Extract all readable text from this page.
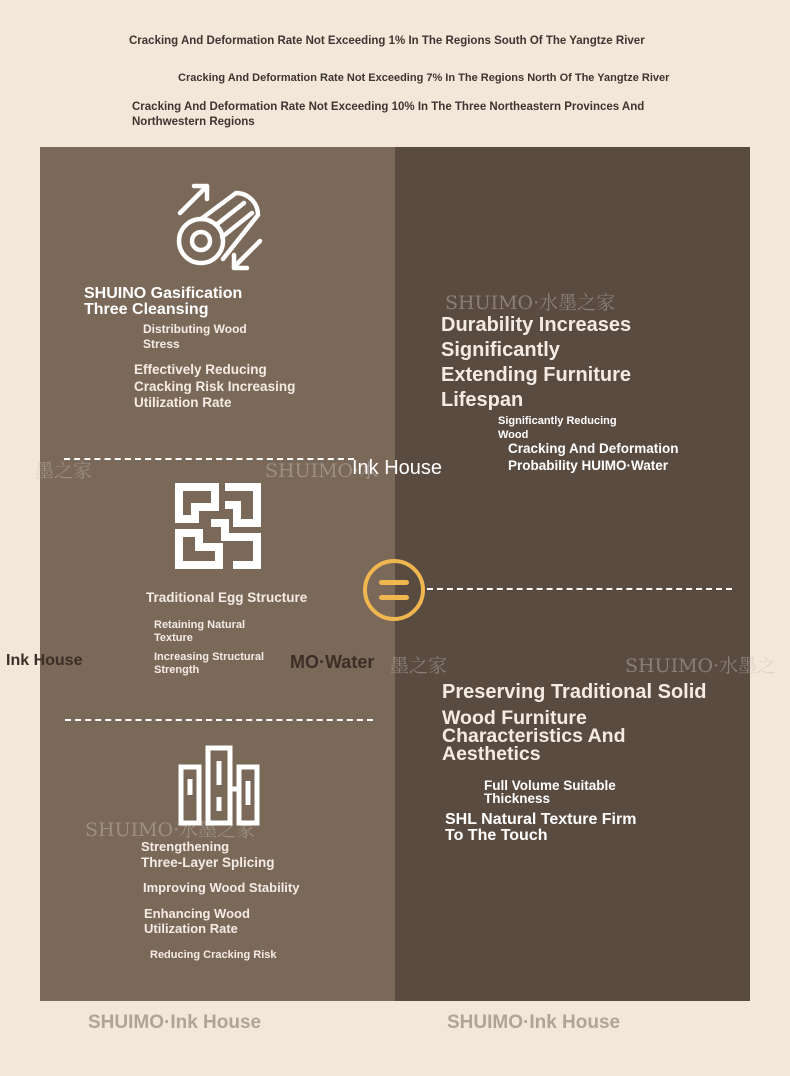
Cracking And Deformation Rate Not Exceeding 1% In The Regions South Of The Yangtze River
Cracking And Deformation Rate Not Exceeding 7% In The Regions North Of The Yangtze River
Cracking And Deformation Rate Not Exceeding 10% In The Three Northeastern Provinces And
Northwestern Regions
SHUIMO·水墨之家
墨之家	SHUIMO·水
墨之家	SHUIMO·水墨之
SHUIMO·水墨之家
SHUINO Gasification
Three Cleansing
Distributing Wood
Stress
Effectively Reducing
Cracking Risk Increasing
Utilization Rate
Ink House
Traditional Egg Structure
Retaining Natural
Texture
Increasing Structural
Strength	MO·Water
Strengthening
Three-Layer Splicing
Improving Wood Stability
Enhancing Wood
Utilization Rate
Reducing Cracking Risk
Durability Increases
Significantly
Extending Furniture
Lifespan
Significantly Reducing
Wood
Cracking And Deformation
Probability HUIMO·Water
Preserving Traditional Solid
Wood Furniture
Characteristics And
Aesthetics
Full Volume Suitable
Thickness
SHL Natural Texture Firm
To The Touch
Ink House
SHUIMO·Ink House	SHUIMO·Ink House
